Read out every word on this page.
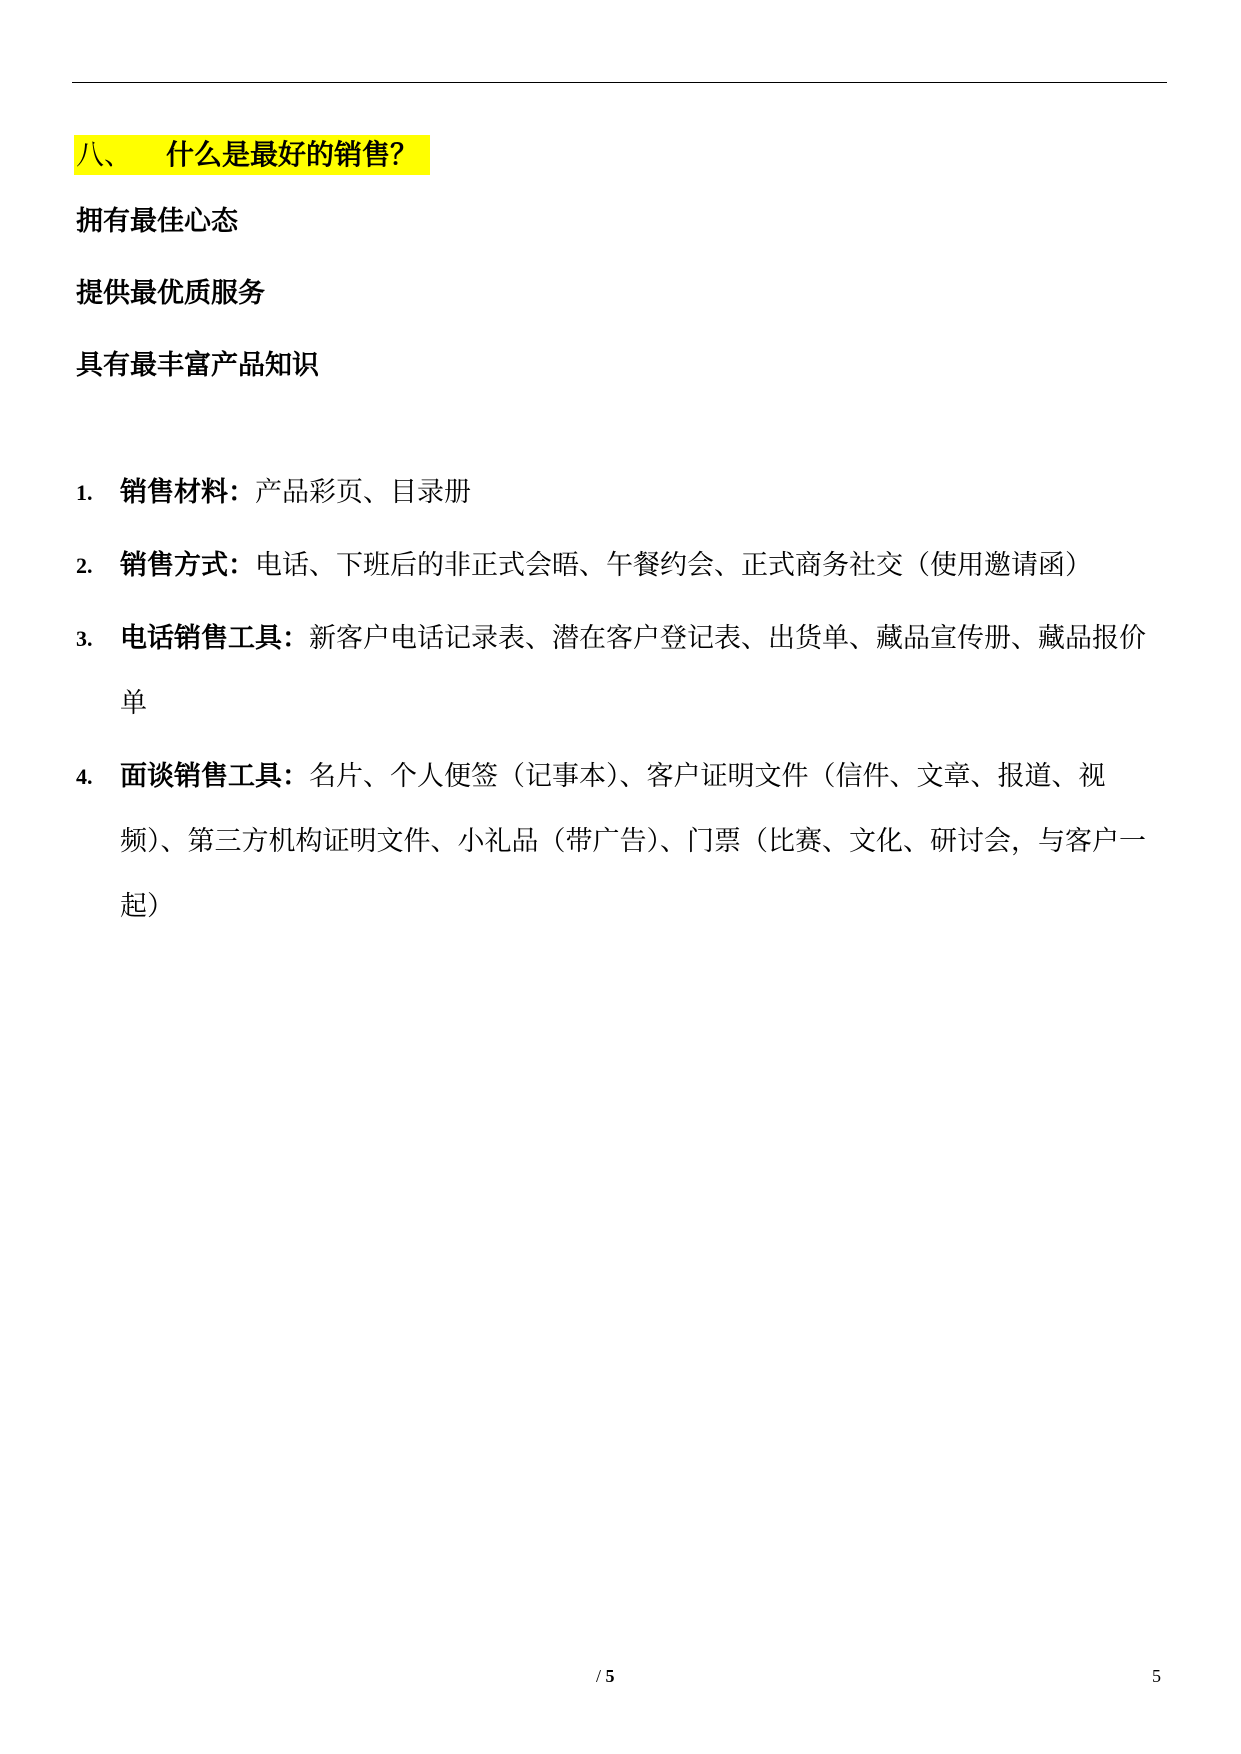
八、 什么是最好的销售？
拥有最佳心态
提供最优质服务
具有最丰富产品知识
1. 销售材料：产品彩页、目录册
2. 销售方式：电话、下班后的非正式会晤、午餐约会、正式商务社交（使用邀请函）
3. 电话销售工具：新客户电话记录表、潜在客户登记表、出货单、藏品宣传册、藏品报价单
4. 面谈销售工具：名片、个人便签（记事本）、客户证明文件（信件、文章、报道、视频）、第三方机构证明文件、小礼品（带广告）、门票（比赛、文化、研讨会，与客户一起）
/ 5	5
